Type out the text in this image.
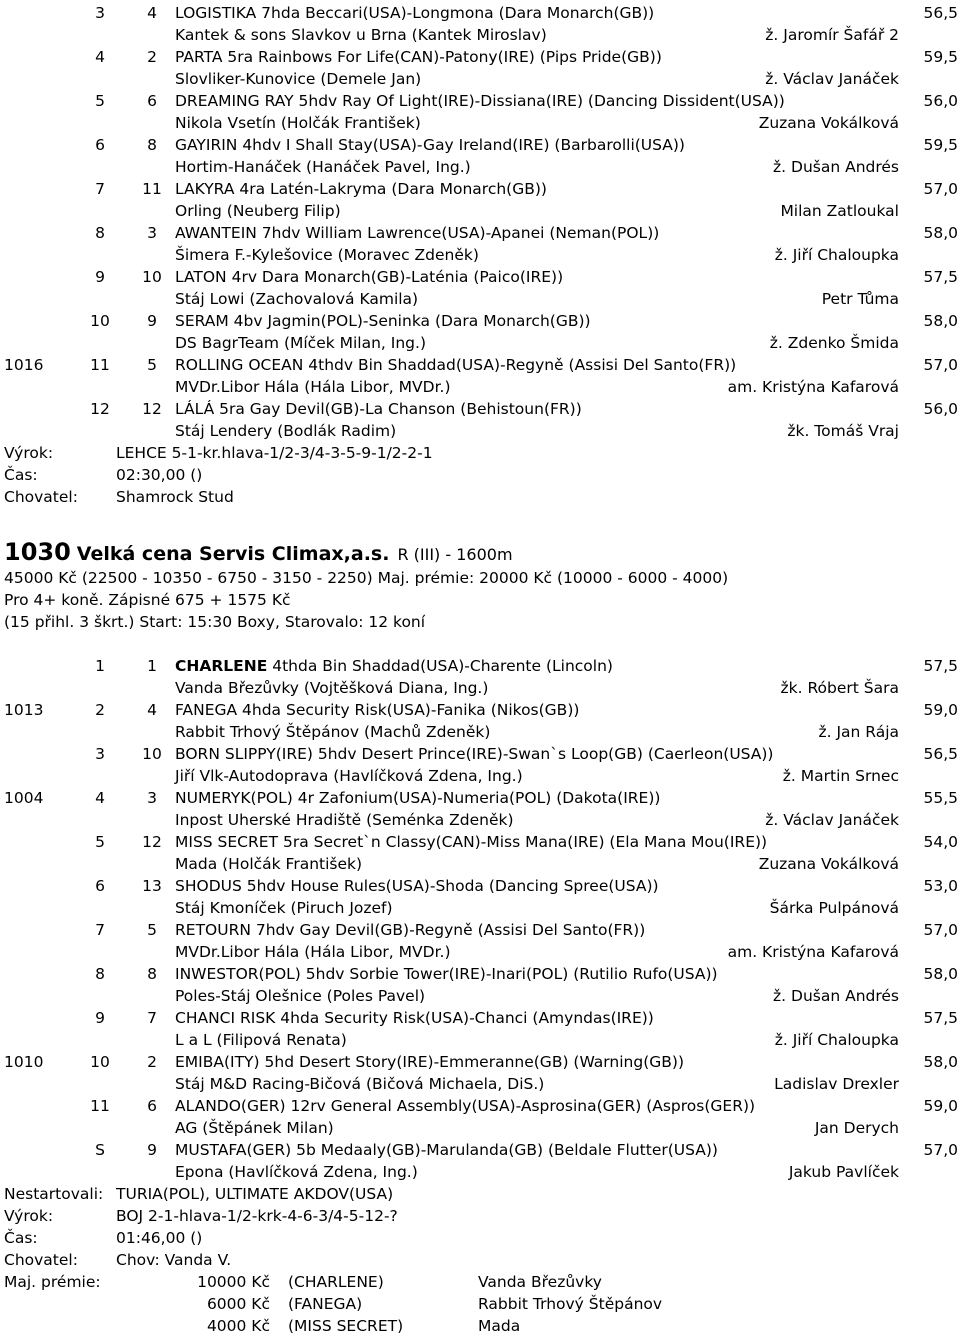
3	4	LOGISTIKA 7hda Beccari(USA)-Longmona (Dara Monarch(GB))	56,5
Kantek & sons Slavkov u Brna (Kantek Miroslav)	ž. Jaromír Šafář 2
4	2	PARTA 5ra Rainbows For Life(CAN)-Patony(IRE) (Pips Pride(GB))	59,5
Slovliker-Kunovice (Demele Jan)	ž. Václav Janáček
5	6	DREAMING RAY 5hdv Ray Of Light(IRE)-Dissiana(IRE) (Dancing Dissident(USA))	56,0
Nikola Vsetín (Holčák František)	Zuzana Vokálková
6	8	GAYIRIN 4hdv I Shall Stay(USA)-Gay Ireland(IRE) (Barbarolli(USA))	59,5
Hortim-Hanáček (Hanáček Pavel, Ing.)	ž. Dušan Andrés
7	11 LAKYRA 4ra Latén-Lakryma (Dara Monarch(GB))	57,0
Orling (Neuberg Filip)	Milan Zatloukal
8	3	AWANTEIN 7hdv William Lawrence(USA)-Apanei (Neman(POL))	58,0
Šimera F.-Kylešovice (Moravec Zdeněk)	ž. Jiří Chaloupka
9	10 LATON 4rv Dara Monarch(GB)-Laténia (Paico(IRE))	57,5
Stáj Lowi (Zachovalová Kamila)	Petr Tůma
10	9	SERAM 4bv Jagmin(POL)-Seninka (Dara Monarch(GB))	58,0
DS BagrTeam (Míček Milan, Ing.)	ž. Zdenko Šmida
1016	11	5	ROLLING OCEAN 4thdv Bin Shaddad(USA)-Regyně (Assisi Del Santo(FR))	57,0
MVDr.Libor Hála (Hála Libor, MVDr.)	am. Kristýna Kafarová
12 12 LÁLÁ 5ra Gay Devil(GB)-La Chanson (Behistoun(FR))	56,0
Stáj Lendery (Bodlák Radim)	žk. Tomáš Vraj
Výrok:	LEHCE 5-1-kr.hlava-1/2-3/4-3-5-9-1/2-2-1
Čas:	02:30,00 ()
Chovatel: Shamrock Stud
1030 Velká cena Servis Climax,a.s. R (III) - 1600m
45000 Kč (22500 - 10350 - 6750 - 3150 - 2250) Maj. prémie: 20000 Kč (10000 - 6000 - 4000)
Pro 4+ koně. Zápisné 675 + 1575 Kč
(15 přihl. 3 škrt.) Start: 15:30 Boxy, Starovalo: 12 koní
1	1	CHARLENE 4thda Bin Shaddad(USA)-Charente (Lincoln)	57,5
Vanda Březůvky (Vojtěšková Diana, Ing.)	žk. Róbert Šara
1013	2	4	FANEGA 4hda Security Risk(USA)-Fanika (Nikos(GB))	59,0
Rabbit Trhový Štěpánov (Machů Zdeněk)	ž. Jan Rája
3	10 BORN SLIPPY(IRE) 5hdv Desert Prince(IRE)-Swan`s Loop(GB) (Caerleon(USA))	56,5
Jiří Vlk-Autodoprava (Havlíčková Zdena, Ing.)	ž. Martin Srnec
1004	4	3	NUMERYK(POL) 4r Zafonium(USA)-Numeria(POL) (Dakota(IRE))	55,5
Inpost Uherské Hradiště (Seménka Zdeněk)	ž. Václav Janáček
5	12 MISS SECRET 5ra Secret`n Classy(CAN)-Miss Mana(IRE) (Ela Mana Mou(IRE))	54,0
Mada (Holčák František)	Zuzana Vokálková
6	13 SHODUS 5hdv House Rules(USA)-Shoda (Dancing Spree(USA))	53,0
Stáj Kmoníček (Piruch Jozef)	Šárka Pulpánová
7	5	RETOURN 7hdv Gay Devil(GB)-Regyně (Assisi Del Santo(FR))	57,0
MVDr.Libor Hála (Hála Libor, MVDr.)	am. Kristýna Kafarová
8	8	INWESTOR(POL) 5hdv Sorbie Tower(IRE)-Inari(POL) (Rutilio Rufo(USA))	58,0
Poles-Stáj Olešnice (Poles Pavel)	ž. Dušan Andrés
9	7	CHANCI RISK 4hda Security Risk(USA)-Chanci (Amyndas(IRE))	57,5
L a L (Filipová Renata)	ž. Jiří Chaloupka
1010	10	2	EMIBA(ITY) 5hd Desert Story(IRE)-Emmeranne(GB) (Warning(GB))	58,0
Stáj M&D Racing-Bičová (Bičová Michaela, DiS.)	Ladislav Drexler
11	6	ALANDO(GER) 12rv General Assembly(USA)-Asprosina(GER) (Aspros(GER))	59,0
AG (Štěpánek Milan)	Jan Derych
S	9	MUSTAFA(GER) 5b Medaaly(GB)-Marulanda(GB) (Beldale Flutter(USA))	57,0
Epona (Havlíčková Zdena, Ing.)	Jakub Pavlíček
Nestartovali: TURIA(POL), ULTIMATE AKDOV(USA)
Výrok:	BOJ 2-1-hlava-1/2-krk-4-6-3/4-5-12-?
Čas:	01:46,00 ()
Chovatel: Chov: Vanda V.
Maj. prémie:	10000 Kč (CHARLENE)	Vanda Březůvky
6000 Kč (FANEGA)	Rabbit Trhový Štěpánov
4000 Kč (MISS SECRET)	Mada
